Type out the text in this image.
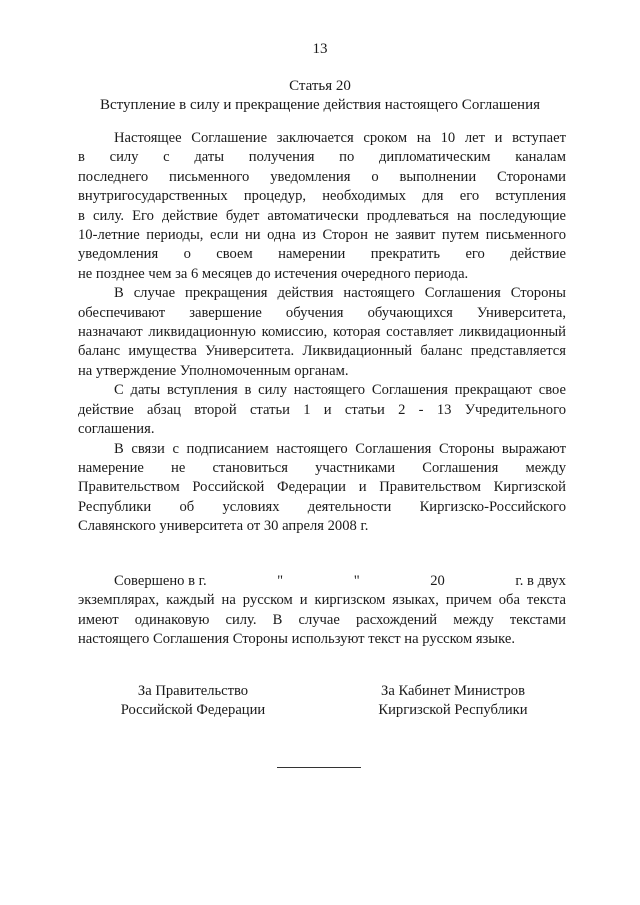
13
Статья 20
Вступление в силу и прекращение действия настоящего Соглашения

Настоящее Соглашение заключается сроком на 10 лет и вступает
в силу с даты получения по дипломатическим каналам
последнего письменного уведомления о выполнении Сторонами
внутригосударственных процедур, необходимых для его вступления
в силу. Его действие будет автоматически продлеваться на последующие
10-летние периоды, если ни одна из Сторон не заявит путем письменного
уведомления о своем намерении прекратить его действие
не позднее чем за 6 месяцев до истечения очередного периода.

В случае прекращения действия настоящего Соглашения Стороны
обеспечивают завершение обучения обучающихся Университета,
назначают ликвидационную комиссию, которая составляет ликвидационный
баланс имущества Университета. Ликвидационный баланс представляется
на утверждение Уполномоченным органам.

С даты вступления в силу настоящего Соглашения прекращают свое
действие абзац второй статьи 1 и статьи 2 - 13 Учредительного
соглашения.

В связи с подписанием настоящего Соглашения Стороны выражают
намерение не становиться участниками Соглашения между
Правительством Российской Федерации и Правительством Киргизской
Республики об условиях деятельности Киргизско-Российского
Славянского университета от 30 апреля 2008 г.

Совершено в г.	"	"	20	г. в двух
экземплярах, каждый на русском и киргизском языках, причем оба текста
имеют одинаковую силу. В случае расхождений между текстами
настоящего Соглашения Стороны используют текст на русском языке.
За Правительство
Российской Федерации
За Кабинет Министров
Киргизской Республики
